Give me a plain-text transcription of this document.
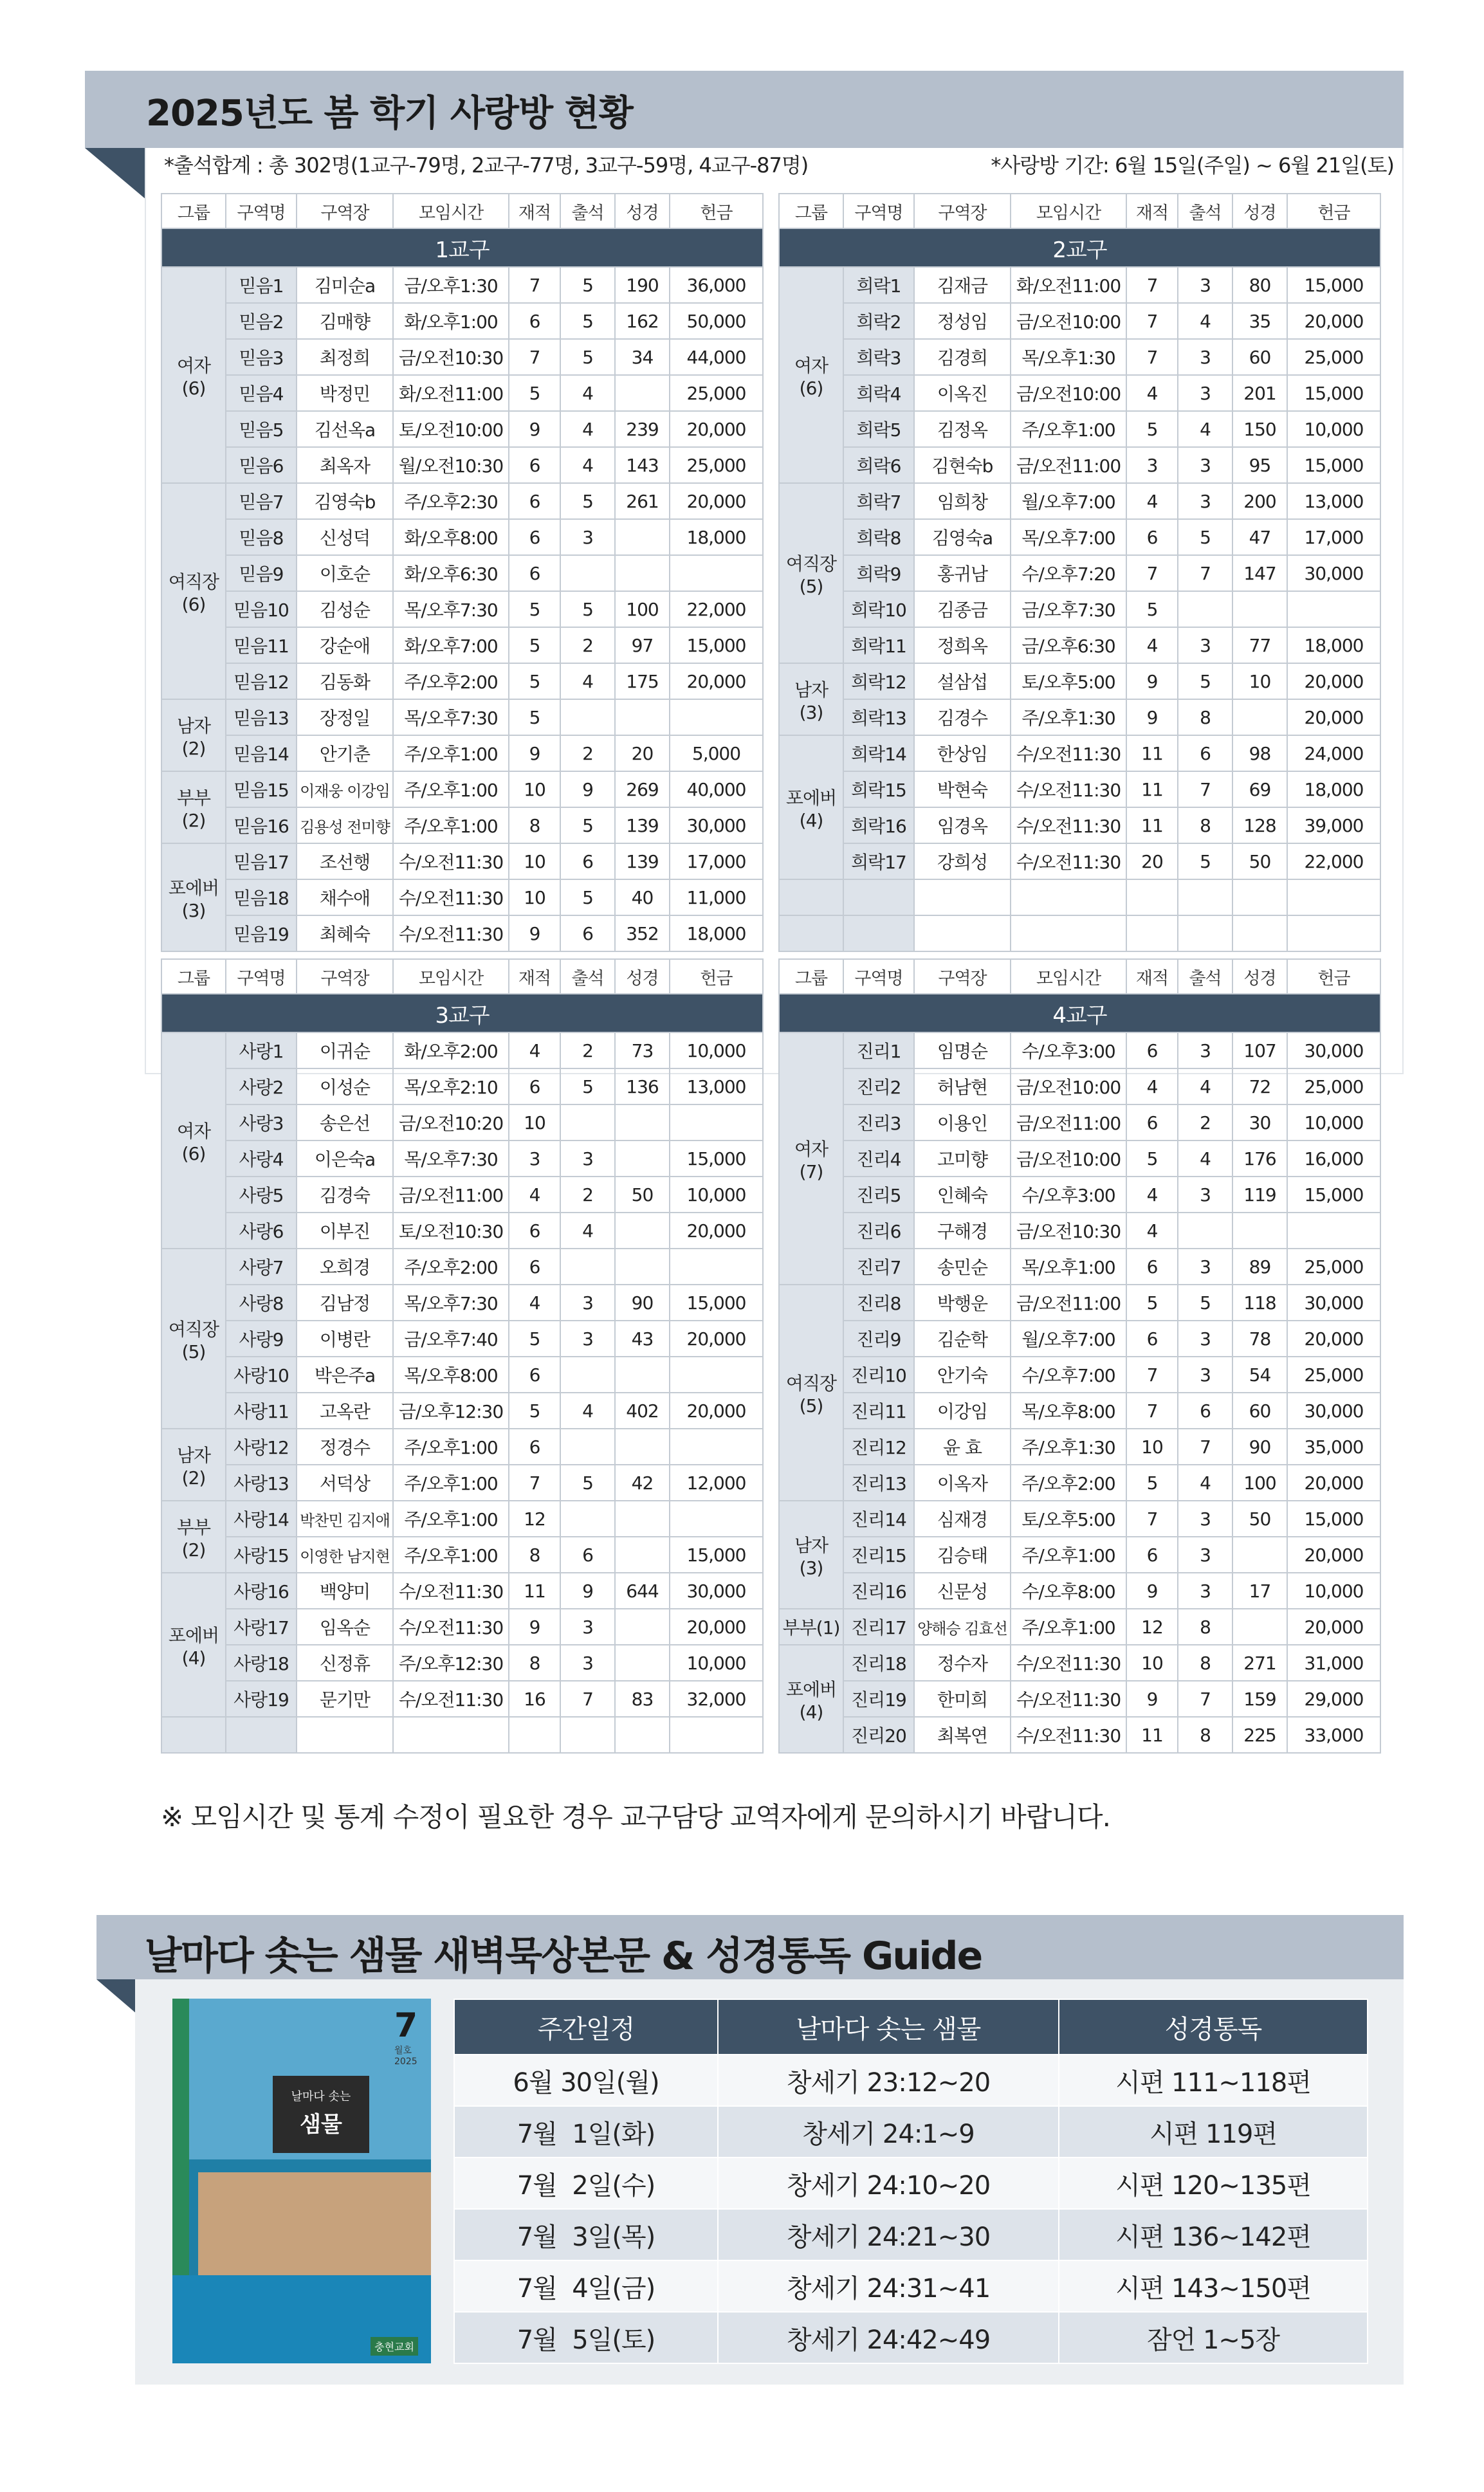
2025년도 봄 학기 사랑방 현황
*출석합계 : 총 302명(1교구-79명, 2교구-77명, 3교구-59명, 4교구-87명)	*사랑방 기간: 6월 15일(주일) ~ 6월 21일(토)
그룹	구역명	구역장	모임시간	재적	출석	성경	헌금
1교구							
여자
(6)	믿음1	김미순a	금/오후1:30	7	5	190	36,000
	믿음2	김매향	화/오후1:00	6	5	162	50,000
	믿음3	최정희	금/오전10:30	7	5	34	44,000
	믿음4	박정민	화/오전11:00	5	4		25,000
	믿음5	김선옥a	토/오전10:00	9	4	239	20,000
	믿음6	최옥자	월/오전10:30	6	4	143	25,000
여직장
(6)	믿음7	김영숙b	주/오후2:30	6	5	261	20,000
	믿음8	신성덕	화/오후8:00	6	3		18,000
	믿음9	이호순	화/오후6:30	6			
	믿음10	김성순	목/오후7:30	5	5	100	22,000
	믿음11	강순애	화/오후7:00	5	2	97	15,000
	믿음12	김동화	주/오후2:00	5	4	175	20,000
남자
(2)	믿음13	장정일	목/오후7:30	5			
	믿음14	안기춘	주/오후1:00	9	2	20	5,000
부부
(2)	믿음15	이재웅 이강임	주/오후1:00	10	9	269	40,000
	믿음16	김용성 전미향	주/오후1:00	8	5	139	30,000
포에버
(3)	믿음17	조선행	수/오전11:30	10	6	139	17,000
	믿음18	채수애	수/오전11:30	10	5	40	11,000
	믿음19	최혜숙	수/오전11:30	9	6	352	18,000
그룹	구역명	구역장	모임시간	재적	출석	성경	헌금
2교구							
여자
(6)	희락1	김재금	화/오전11:00	7	3	80	15,000
	희락2	정성임	금/오전10:00	7	4	35	20,000
	희락3	김경희	목/오후1:30	7	3	60	25,000
	희락4	이옥진	금/오전10:00	4	3	201	15,000
	희락5	김정옥	주/오후1:00	5	4	150	10,000
	희락6	김현숙b	금/오전11:00	3	3	95	15,000
여직장
(5)	희락7	임희창	월/오후7:00	4	3	200	13,000
	희락8	김영숙a	목/오후7:00	6	5	47	17,000
	희락9	홍귀남	수/오후7:20	7	7	147	30,000
	희락10	김종금	금/오후7:30	5			
	희락11	정희옥	금/오후6:30	4	3	77	18,000
남자
(3)	희락12	설삼섭	토/오후5:00	9	5	10	20,000
	희락13	김경수	주/오후1:30	9	8		20,000
포에버
(4)	희락14	한상임	수/오전11:30	11	6	98	24,000
	희락15	박현숙	수/오전11:30	11	7	69	18,000
	희락16	임경옥	수/오전11:30	11	8	128	39,000
	희락17	강희성	수/오전11:30	20	5	50	22,000

그룹	구역명	구역장	모임시간	재적	출석	성경	헌금
3교구							
여자
(6)	사랑1	이귀순	화/오후2:00	4	2	73	10,000
	사랑2	이성순	목/오후2:10	6	5	136	13,000
	사랑3	송은선	금/오전10:20	10			
	사랑4	이은숙a	목/오후7:30	3	3		15,000
	사랑5	김경숙	금/오전11:00	4	2	50	10,000
	사랑6	이부진	토/오전10:30	6	4		20,000
여직장
(5)	사랑7	오희경	주/오후2:00	6			
	사랑8	김남정	목/오후7:30	4	3	90	15,000
	사랑9	이병란	금/오후7:40	5	3	43	20,000
	사랑10	박은주a	목/오후8:00	6			
	사랑11	고옥란	금/오후12:30	5	4	402	20,000
남자
(2)	사랑12	정경수	주/오후1:00	6			
	사랑13	서덕상	주/오후1:00	7	5	42	12,000
부부
(2)	사랑14	박찬민 김지애	주/오후1:00	12			
	사랑15	이영한 남지현	주/오후1:00	8	6		15,000
포에버
(4)	사랑16	백양미	수/오전11:30	11	9	644	30,000
	사랑17	임옥순	수/오전11:30	9	3		20,000
	사랑18	신정휴	주/오후12:30	8	3		10,000
	사랑19	문기만	수/오전11:30	16	7	83	32,000

그룹	구역명	구역장	모임시간	재적	출석	성경	헌금
4교구							
여자
(7)	진리1	임명순	수/오후3:00	6	3	107	30,000
	진리2	허남현	금/오전10:00	4	4	72	25,000
	진리3	이용인	금/오전11:00	6	2	30	10,000
	진리4	고미향	금/오전10:00	5	4	176	16,000
	진리5	인혜숙	수/오후3:00	4	3	119	15,000
	진리6	구해경	금/오전10:30	4			
	진리7	송민순	목/오후1:00	6	3	89	25,000
여직장
(5)	진리8	박행운	금/오전11:00	5	5	118	30,000
	진리9	김순학	월/오후7:00	6	3	78	20,000
	진리10	안기숙	수/오후7:00	7	3	54	25,000
	진리11	이강임	목/오후8:00	7	6	60	30,000
	진리12	윤 효	주/오후1:30	10	7	90	35,000
	진리13	이옥자	주/오후2:00	5	4	100	20,000
남자
(3)	진리14	심재경	토/오후5:00	7	3	50	15,000
	진리15	김승태	주/오후1:00	6	3		20,000
	진리16	신문성	수/오후8:00	9	3	17	10,000
부부(1)	진리17	양해승 김효선	주/오후1:00	12	8		20,000
포에버
(4)	진리18	정수자	수/오전11:30	10	8	271	31,000
	진리19	한미희	수/오전11:30	9	7	159	29,000
	진리20	최복연	수/오전11:30	11	8	225	33,000
※ 모임시간 및 통계 수정이 필요한 경우 교구담당 교역자에게 문의하시기 바랍니다.
날마다 솟는 샘물 새벽묵상본문 & 성경통독 Guide
7
월호 2025
날마다 솟는
샘물
충현교회
주간일정	날마다 솟는 샘물	성경통독
6월 30일(월)	창세기 23:12~20	시편 111~118편
7월  1일(화)	창세기 24:1~9	시편 119편
7월  2일(수)	창세기 24:10~20	시편 120~135편
7월  3일(목)	창세기 24:21~30	시편 136~142편
7월  4일(금)	창세기 24:31~41	시편 143~150편
7월  5일(토)	창세기 24:42~49	잠언 1~5장
